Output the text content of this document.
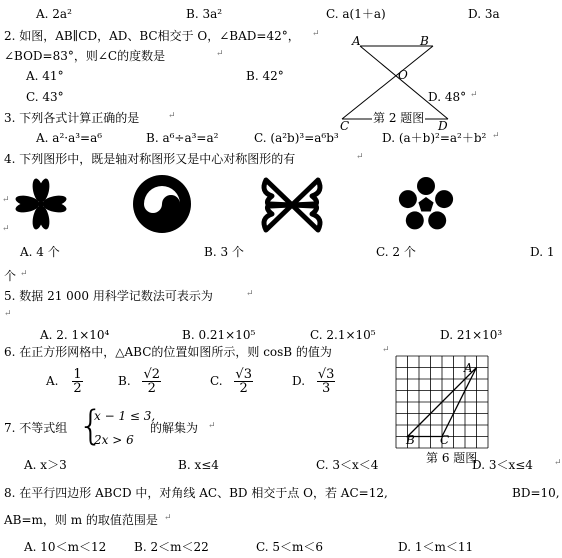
A. 2a²	B. 3a²	C. a(1＋a)	D. 3a
2. 如图，AB∥CD，AD、BC相交于 O，∠BAD=42°，
∠BOD=83°，则∠C的度数是
A. 41°	B. 42°
C. 43°	D. 48°
A	B
O
C	D
第 2 题图
3. 下列各式计算正确的是
A. a²·a³=a⁶	B. a⁶÷a³=a²	C. (a²b)³=a⁶b³	D. (a＋b)²=a²＋b²
4. 下列图形中，既是轴对称图形又是中心对称图形的有
A. 4 个	B. 3 个	C. 2 个	D. 1
个
5. 数据 21 000 用科学记数法可表示为
A. 2. 1×10⁴	B. 0.21×10⁵	C. 2.1×10⁵	D. 21×10³
6. 在正方形网格中，△ABC的位置如图所示，则 cosB 的值为
A. $\frac{1}{2}$	B. $\frac{√2}{2}$	C. $\frac{√3}{2}$	D. $\frac{√3}{3}$	A
B C
第 6 题图
7. 不等式组 {
x − 1 ≤ 3,
2x > 6
的解集为
A. x＞3	B. x≤4	C. 3＜x＜4	D. 3＜x≤4
8. 在平行四边形 ABCD 中，对角线 AC、BD 相交于点 O，若 AC=12,	BD=10,
AB=m，则 m 的取值范围是
A. 10＜m＜12 B. 2＜m＜22	C. 5＜m＜6	D. 1＜m＜11
↵
↵
↵
↵
↵
↵
↵
↵
↵
↵
↵
↵
↵
↵
↵
